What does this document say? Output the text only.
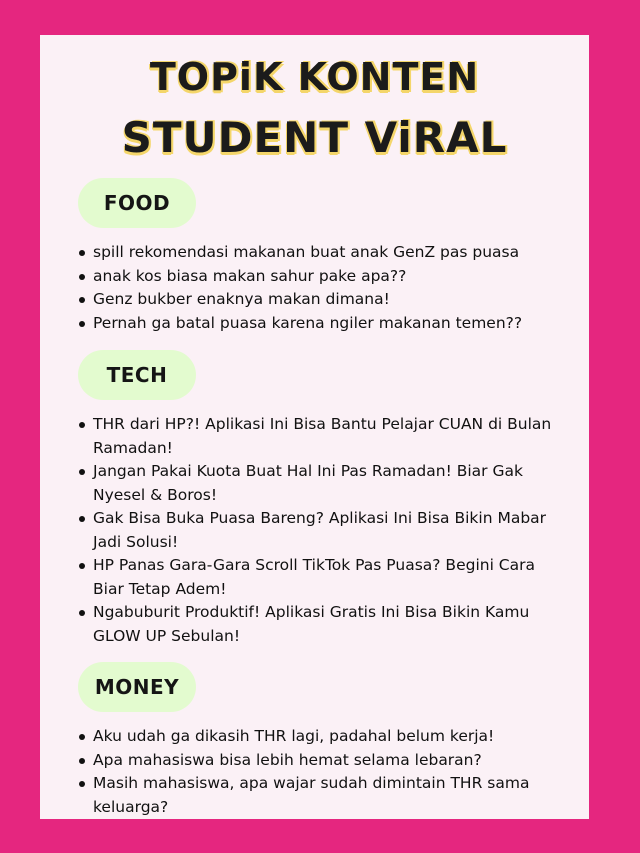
TOPiK KONTEN
STUDENT ViRAL
FOOD
spill rekomendasi makanan buat anak GenZ pas puasa
anak kos biasa makan sahur pake apa??
Genz bukber enaknya makan dimana!
Pernah ga batal puasa karena ngiler makanan temen??
TECH
THR dari HP?! Aplikasi Ini Bisa Bantu Pelajar CUAN di Bulan Ramadan!
Jangan Pakai Kuota Buat Hal Ini Pas Ramadan! Biar Gak Nyesel & Boros!
Gak Bisa Buka Puasa Bareng? Aplikasi Ini Bisa Bikin Mabar Jadi Solusi!
HP Panas Gara-Gara Scroll TikTok Pas Puasa? Begini Cara Biar Tetap Adem!
Ngabuburit Produktif! Aplikasi Gratis Ini Bisa Bikin Kamu GLOW UP Sebulan!
MONEY
Aku udah ga dikasih THR lagi, padahal belum kerja!
Apa mahasiswa bisa lebih hemat selama lebaran?
Masih mahasiswa, apa wajar sudah dimintain THR sama keluarga?
